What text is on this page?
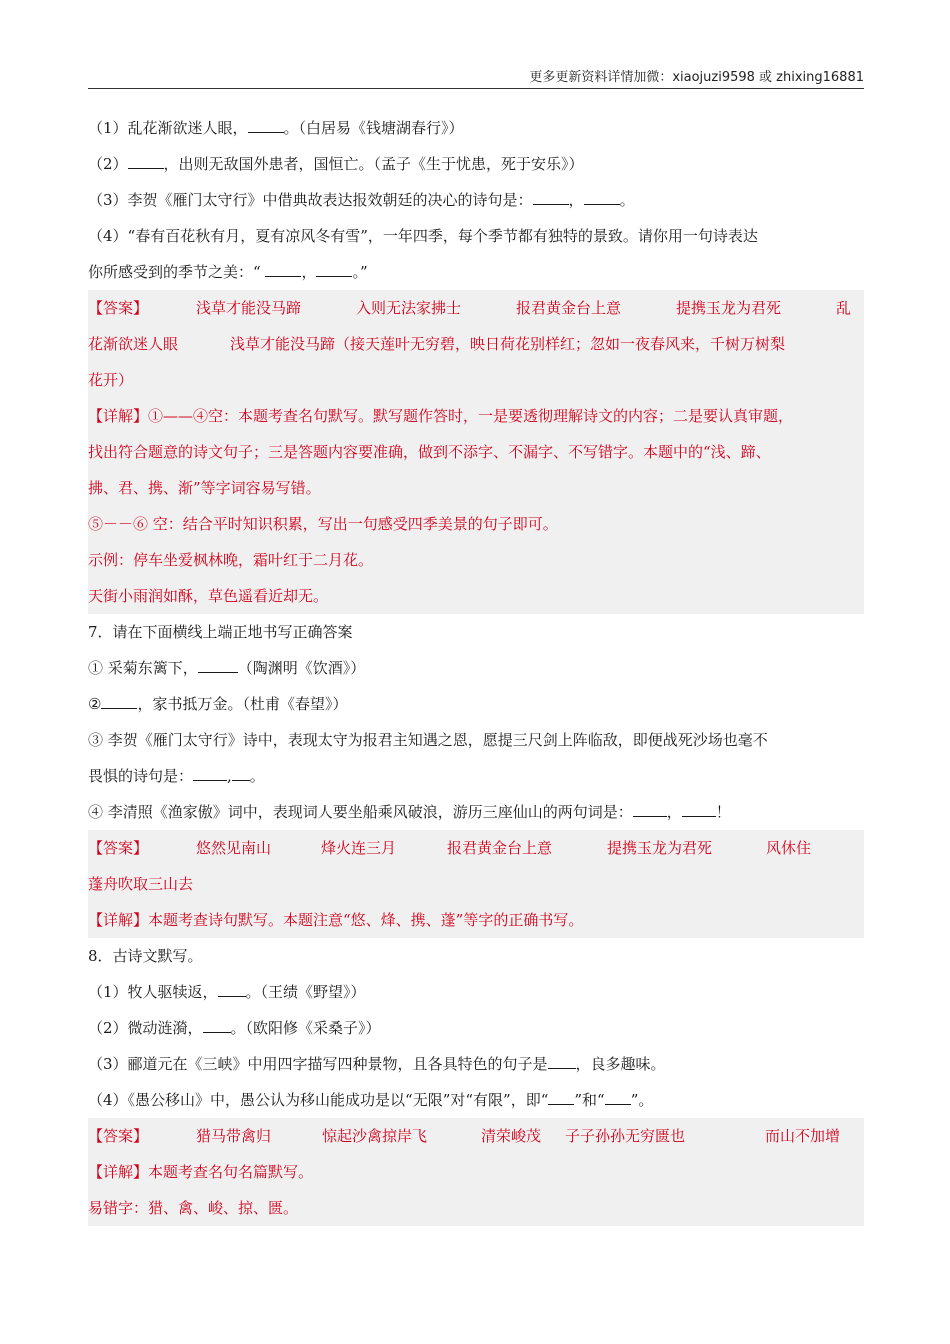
更多更新资料详情加微：xiaojuzi9598 或 zhixing16881
（1）乱花渐欲迷人眼， 。（白居易《钱塘湖春行》）
（2） ，出则无敌国外患者，国恒亡。（孟子《生于忧患，死于安乐》）
（3）李贺《雁门太守行》中借典故表达报效朝廷的决心的诗句是： ， 。
（4）“春有百花秋有月，夏有凉风冬有雪”，一年四季，每个季节都有独特的景致。请你用一句诗表达
你所感受到的季节之美：“ ， 。”
【答案】	浅草才能没马蹄	入则无法家拂士	报君黄金台上意	提携玉龙为君死	乱
花渐欲迷人眼	浅草才能没马蹄（接天莲叶无穷碧，映日荷花别样红；忽如一夜春风来，千树万树梨
花开）
【详解】①——④空：本题考查名句默写。默写题作答时，一是要透彻理解诗文的内容；二是要认真审题，
找出符合题意的诗文句子；三是答题内容要准确，做到不添字、不漏字、不写错字。本题中的“浅、蹄、
拂、君、携、渐”等字词容易写错。
⑤－－⑥ 空：结合平时知识积累，写出一句感受四季美景的句子即可。
示例：停车坐爱枫林晚，霜叶红于二月花。
天街小雨润如酥，草色遥看近却无。
7．请在下面横线上端正地书写正确答案
① 采菊东篱下，	（陶渊明《饮酒》）
② ，家书抵万金。（杜甫《春望》）
③ 李贺《雁门太守行》诗中，表现太守为报君主知遇之恩，愿提三尺剑上阵临敌，即便战死沙场也毫不
畏惧的诗句是： , 。
④ 李清照《渔家傲》词中，表现词人要坐船乘风破浪，游历三座仙山的两句词是： ， ！
【答案】	悠然见南山	烽火连三月	报君黄金台上意	提携玉龙为君死	风休住
蓬舟吹取三山去
【详解】本题考查诗句默写。本题注意“悠、烽、携、蓬”等字的正确书写。
8．古诗文默写。
（1）牧人驱犊返， 。（王绩《野望》）
（2）微动涟漪， 。（欧阳修《采桑子》）
（3）郦道元在《三峡》中用四字描写四种景物，且各具特色的句子是 ，良多趣味。
（4）《愚公移山》中，愚公认为移山能成功是以“无限”对“有限”，即“ ”和“ ”。
【答案】	猎马带禽归	惊起沙禽掠岸飞	清荣峻茂	子子孙孙无穷匮也	而山不加增
【详解】本题考查名句名篇默写。
易错字：猎、禽、峻、掠、匮。
